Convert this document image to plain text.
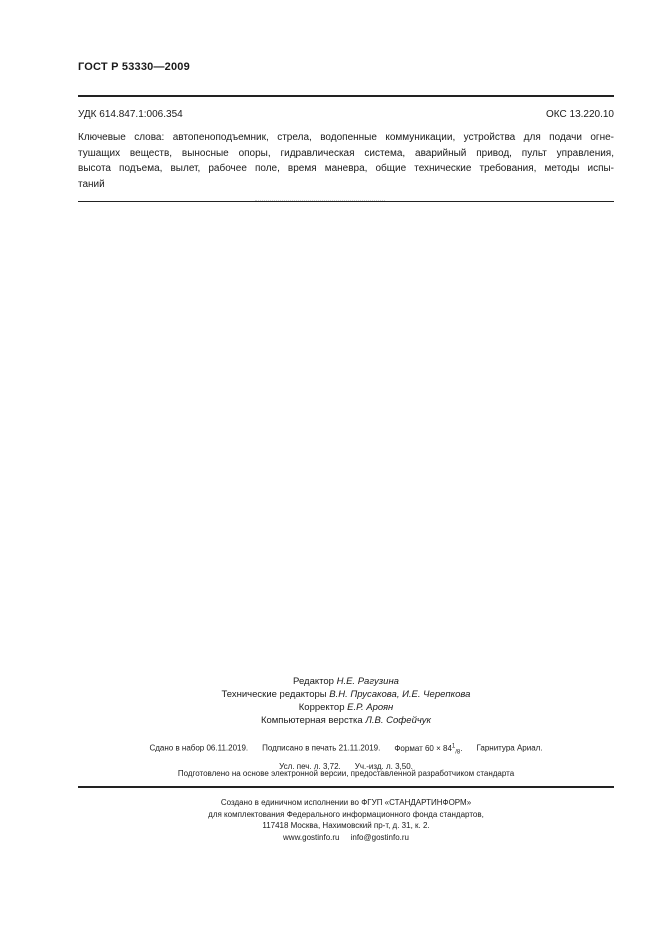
ГОСТ Р 53330—2009
УДК 614.847.1:006.354	ОКС 13.220.10
Ключевые слова: автопеноподъемник, стрела, водопенные коммуникации, устройства для подачи огне-
тушащих веществ, выносные опоры, гидравлическая система, аварийный привод, пульт управления,
высота подъема, вылет, рабочее поле, время маневра, общие технические требования, методы испы-
таний
Редактор Н.Е. Рагузина
Технические редакторы В.Н. Прусакова, И.Е. Черепкова
Корректор Е.Р. Ароян
Компьютерная верстка Л.В. Софейчук
Сдано в набор 06.11.2019. Подписано в печать 21.11.2019. Формат $60 \times 84^1_{/8}$. Гарнитура Ариал.
Усл. печ. л. 3,72. Уч.-изд. л. 3,50.
Подготовлено на основе электронной версии, предоставленной разработчиком стандарта
Создано в единичном исполнении во ФГУП «СТАНДАРТИНФОРМ»
для комплектования Федерального информационного фонда стандартов,
117418 Москва, Нахимовский пр-т, д. 31, к. 2.
www.gostinfo.ru     info@gostinfo.ru
